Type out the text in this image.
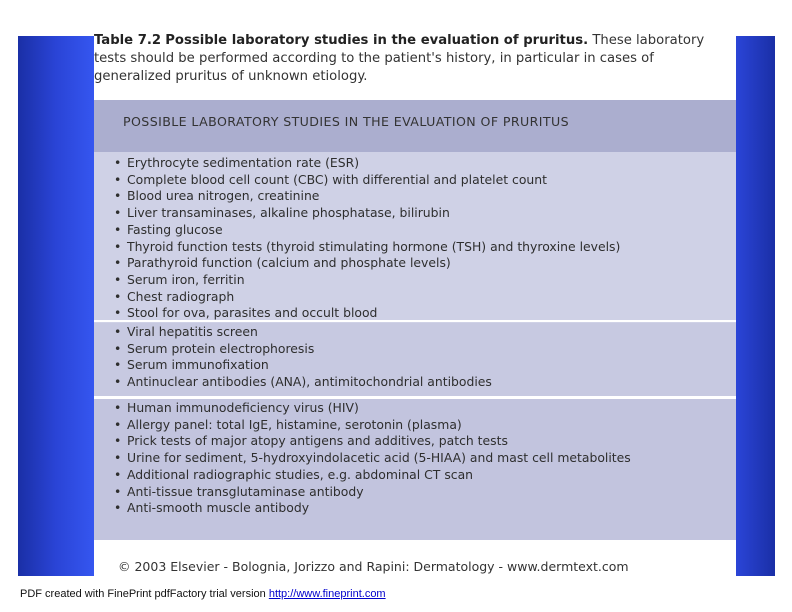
Table 7.2 Possible laboratory studies in the evaluation of pruritus. These laboratory tests should be performed according to the patient's history, in particular in cases of generalized pruritus of unknown etiology.
POSSIBLE LABORATORY STUDIES IN THE EVALUATION OF PRURITUS
• Erythrocyte sedimentation rate (ESR)
• Complete blood cell count (CBC) with differential and platelet count
• Blood urea nitrogen, creatinine
• Liver transaminases, alkaline phosphatase, bilirubin
• Fasting glucose
• Thyroid function tests (thyroid stimulating hormone (TSH) and thyroxine levels)
• Parathyroid function (calcium and phosphate levels)
• Serum iron, ferritin
• Chest radiograph
• Stool for ova, parasites and occult blood
• Viral hepatitis screen
• Serum protein electrophoresis
• Serum immunofixation
• Antinuclear antibodies (ANA), antimitochondrial antibodies
• Human immunodeficiency virus (HIV)
• Allergy panel: total IgE, histamine, serotonin (plasma)
• Prick tests of major atopy antigens and additives, patch tests
• Urine for sediment, 5-hydroxyindolacetic acid (5-HIAA) and mast cell metabolites
• Additional radiographic studies, e.g. abdominal CT scan
• Anti-tissue transglutaminase antibody
• Anti-smooth muscle antibody
© 2003 Elsevier - Bolognia, Jorizzo and Rapini: Dermatology - www.dermtext.com
PDF created with FinePrint pdfFactory trial version http://www.fineprint.com
